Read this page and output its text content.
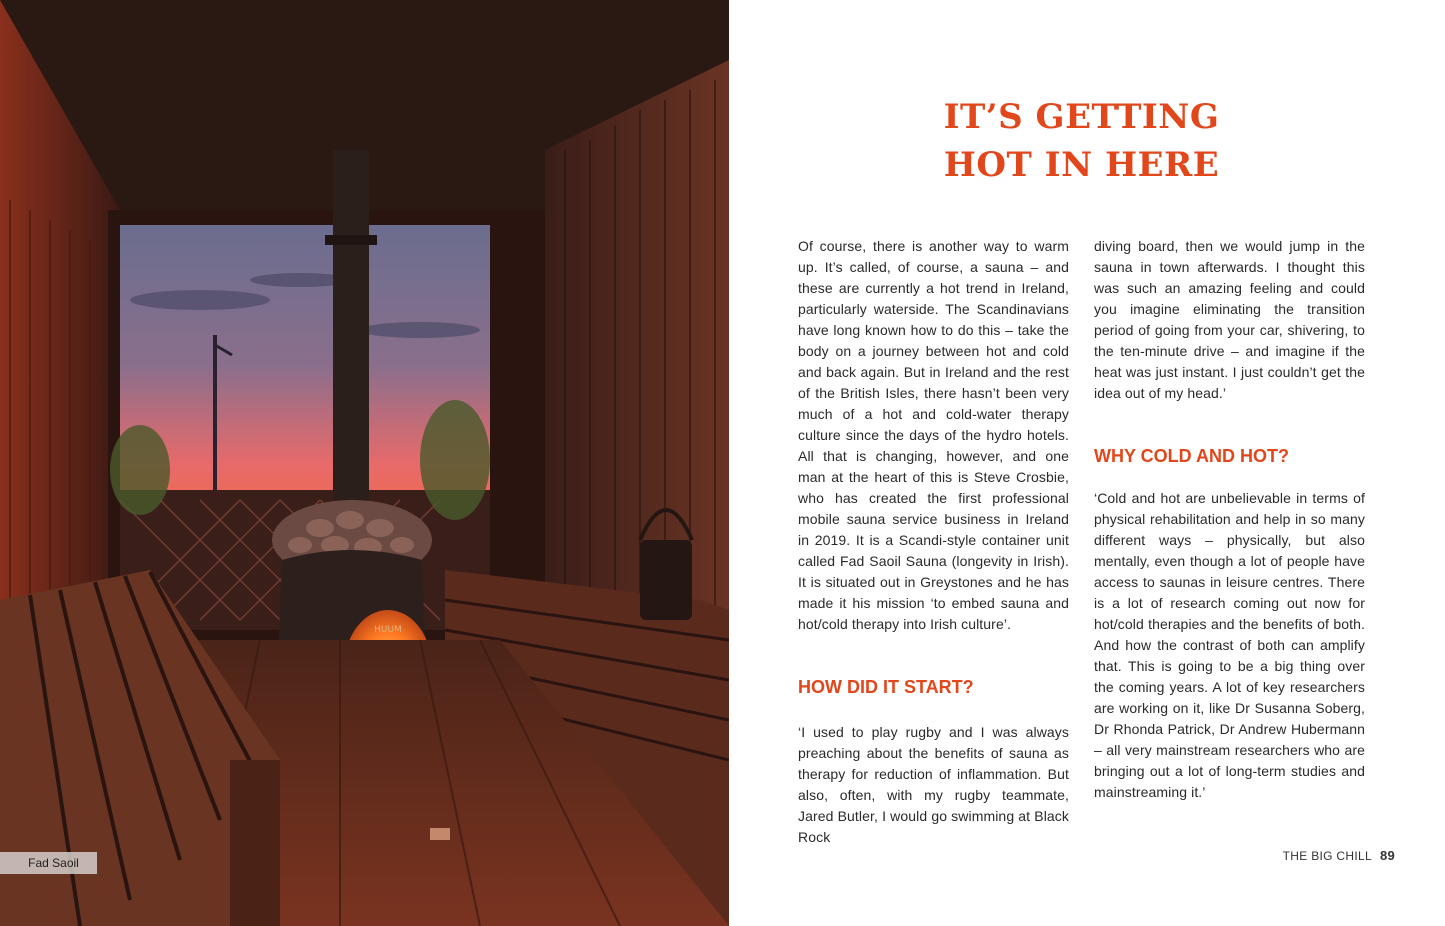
HUUM
Fad Saoil
IT’S GETTING
HOT IN HERE

Of course, there is another way to warm up. It’s called, of course, a sauna – and these are currently a hot trend in Ireland, particularly waterside. The Scandinavians have long known how to do this – take the body on a journey between hot and cold and back again. But in Ireland and the rest of the British Isles, there hasn’t been very much of a hot and cold-water therapy culture since the days of the hydro hotels. All that is changing, however, and one man at the heart of this is Steve Crosbie, who has created the first professional mobile sauna service business in Ireland in 2019. It is a Scandi-style container unit called Fad Saoil Sauna (longevity in Irish). It is situated out in Greystones and he has made it his mission ‘to embed sauna and hot/cold therapy into Irish culture’.

HOW DID IT START?

‘I used to play rugby and I was always preaching about the benefits of sauna as therapy for reduction of inflammation. But also, often, with my rugby teammate, Jared Butler, I would go swimming at Black Rock

diving board, then we would jump in the sauna in town afterwards. I thought this was such an amazing feeling and could you imagine eliminating the transition period of going from your car, shivering, to the ten-minute drive – and imagine if the heat was just instant. I just couldn’t get the idea out of my head.’

WHY COLD AND HOT?

‘Cold and hot are unbelievable in terms of physical rehabilitation and help in so many different ways – physically, but also mentally, even though a lot of people have access to saunas in leisure centres. There is a lot of research coming out now for hot/cold therapies and the benefits of both. And how the contrast of both can amplify that. This is going to be a big thing over the coming years. A lot of key researchers are working on it, like Dr Susanna Soberg, Dr Rhonda Patrick, Dr Andrew Hubermann – all very mainstream researchers who are bringing out a lot of long-term studies and mainstreaming it.’

THE BIG CHILL 89
